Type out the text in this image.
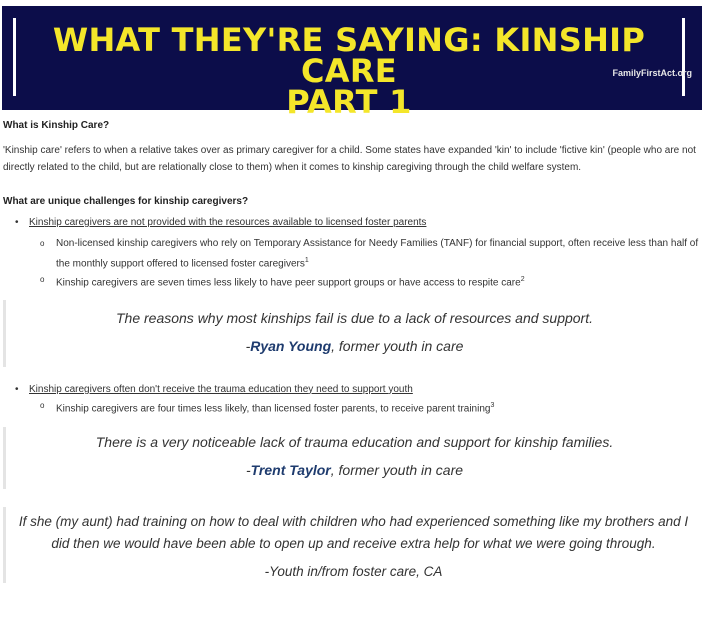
WHAT THEY'RE SAYING: KINSHIP CARE
PART 1
FamilyFirstAct.org
What is Kinship Care?
'Kinship care' refers to when a relative takes over as primary caregiver for a child. Some states have expanded 'kin' to include 'fictive kin' (people who are not directly related to the child, but are relationally close to them) when it comes to kinship caregiving through the child welfare system.
What are unique challenges for kinship caregivers?
• Kinship caregivers are not provided with the resources available to licensed foster parents
o Non-licensed kinship caregivers who rely on Temporary Assistance for Needy Families (TANF) for financial support, often receive less than half of the monthly support offered to licensed foster caregivers$^1$
o Kinship caregivers are seven times less likely to have peer support groups or have access to respite care$^2$
The reasons why most kinships fail is due to a lack of resources and support.
-Ryan Young, former youth in care
• Kinship caregivers often don't receive the trauma education they need to support youth
o Kinship caregivers are four times less likely, than licensed foster parents, to receive parent training$^3$
There is a very noticeable lack of trauma education and support for kinship families.
-Trent Taylor, former youth in care
If she (my aunt) had training on how to deal with children who had experienced something like my brothers and I did then we would have been able to open up and receive extra help for what we were going through.
-Youth in/from foster care, CA
